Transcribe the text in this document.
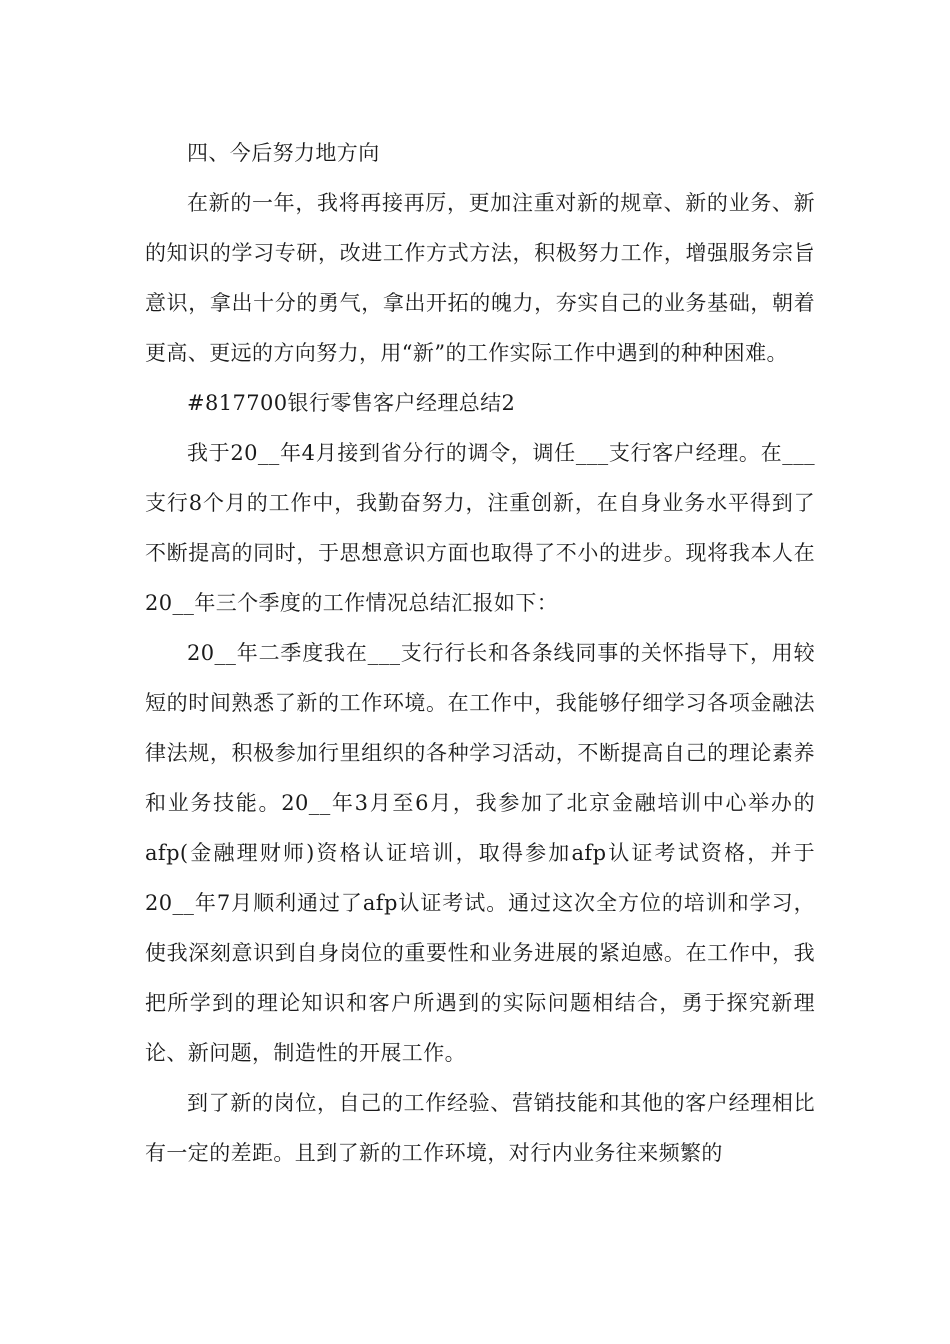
四、今后努力地方向

在新的一年，我将再接再厉，更加注重对新的规章、新的业务、新的知识的学习专研，改进工作方式方法，积极努力工作，增强服务宗旨意识，拿出十分的勇气，拿出开拓的魄力，夯实自己的业务基础，朝着更高、更远的方向努力，用“新”的工作实际工作中遇到的种种困难。

#817700银行零售客户经理总结2

我于20__年4月接到省分行的调令，调任___支行客户经理。在___支行8个月的工作中，我勤奋努力，注重创新，在自身业务水平得到了不断提高的同时，于思想意识方面也取得了不小的进步。现将我本人在20__年三个季度的工作情况总结汇报如下：

20__年二季度我在___支行行长和各条线同事的关怀指导下，用较短的时间熟悉了新的工作环境。在工作中，我能够仔细学习各项金融法律法规，积极参加行里组织的各种学习活动，不断提高自己的理论素养和业务技能。20__年3月至6月，我参加了北京金融培训中心举办的afp(金融理财师)资格认证培训，取得参加afp认证考试资格，并于20__年7月顺利通过了afp认证考试。通过这次全方位的培训和学习，使我深刻意识到自身岗位的重要性和业务进展的紧迫感。在工作中，我把所学到的理论知识和客户所遇到的实际问题相结合，勇于探究新理论、新问题，制造性的开展工作。

到了新的岗位，自己的工作经验、营销技能和其他的客户经理相比有一定的差距。且到了新的工作环境，对行内业务往来频繁的
